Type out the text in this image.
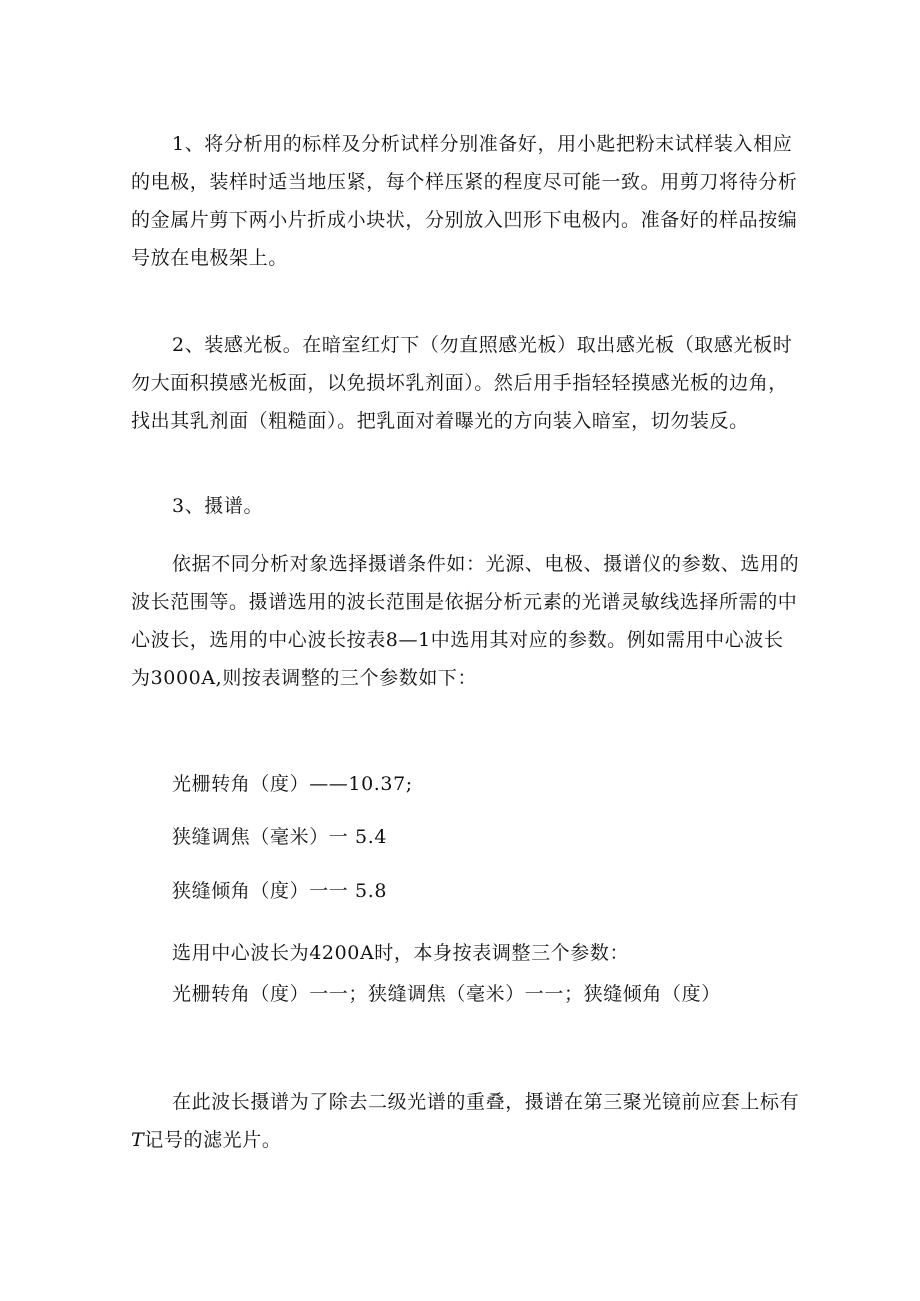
1、将分析用的标样及分析试样分别准备好，用小匙把粉末试样装入相应的电极，装样时适当地压紧，每个样压紧的程度尽可能一致。用剪刀将待分析的金属片剪下两小片折成小块状，分别放入凹形下电极内。准备好的样品按编号放在电极架上。

2、装感光板。在暗室红灯下（勿直照感光板）取出感光板（取感光板时勿大面积摸感光板面，以免损坏乳剂面）。然后用手指轻轻摸感光板的边角，找出其乳剂面（粗糙面）。把乳面对着曝光的方向装入暗室，切勿装反。

3、摄谱。

依据不同分析对象选择摄谱条件如：光源、电极、摄谱仪的参数、选用的波长范围等。摄谱选用的波长范围是依据分析元素的光谱灵敏线选择所需的中心波长，选用的中心波长按表8—1中选用其对应的参数。例如需用中心波长为3000A,则按表调整的三个参数如下：

光栅转角（度）——10.37;

狭缝调焦（毫米）一 5.4

狭缝倾角（度）一一 5.8

选用中心波长为4200A时，本身按表调整三个参数：

光栅转角（度）一一；狭缝调焦（毫米）一一；狭缝倾角（度）

在此波长摄谱为了除去二级光谱的重叠，摄谱在第三聚光镜前应套上标有T记号的滤光片。
